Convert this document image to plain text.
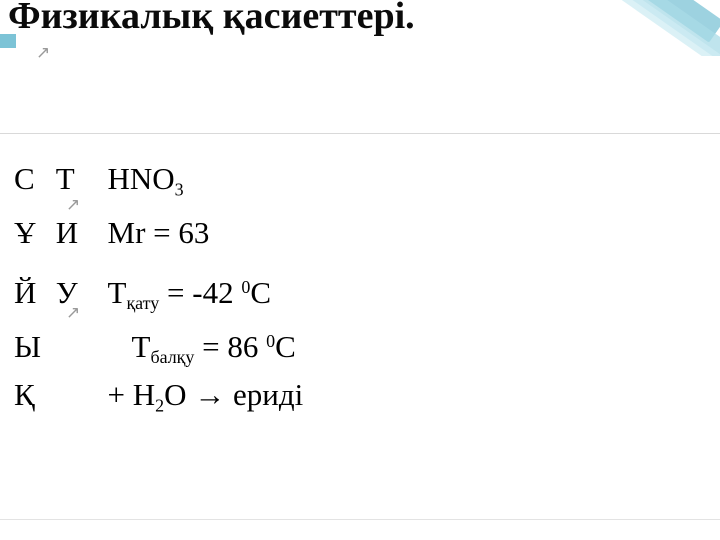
Физикалық қасиеттері.
↗
↗
↗
С Т $HNO_3$
Ұ И Mr = 63
Й У $Т_{қату} = -42$ $^0$С
Ы	$Т_{балқу} = 86$ $^0$С
$Қ + H_2O$ → ериді
